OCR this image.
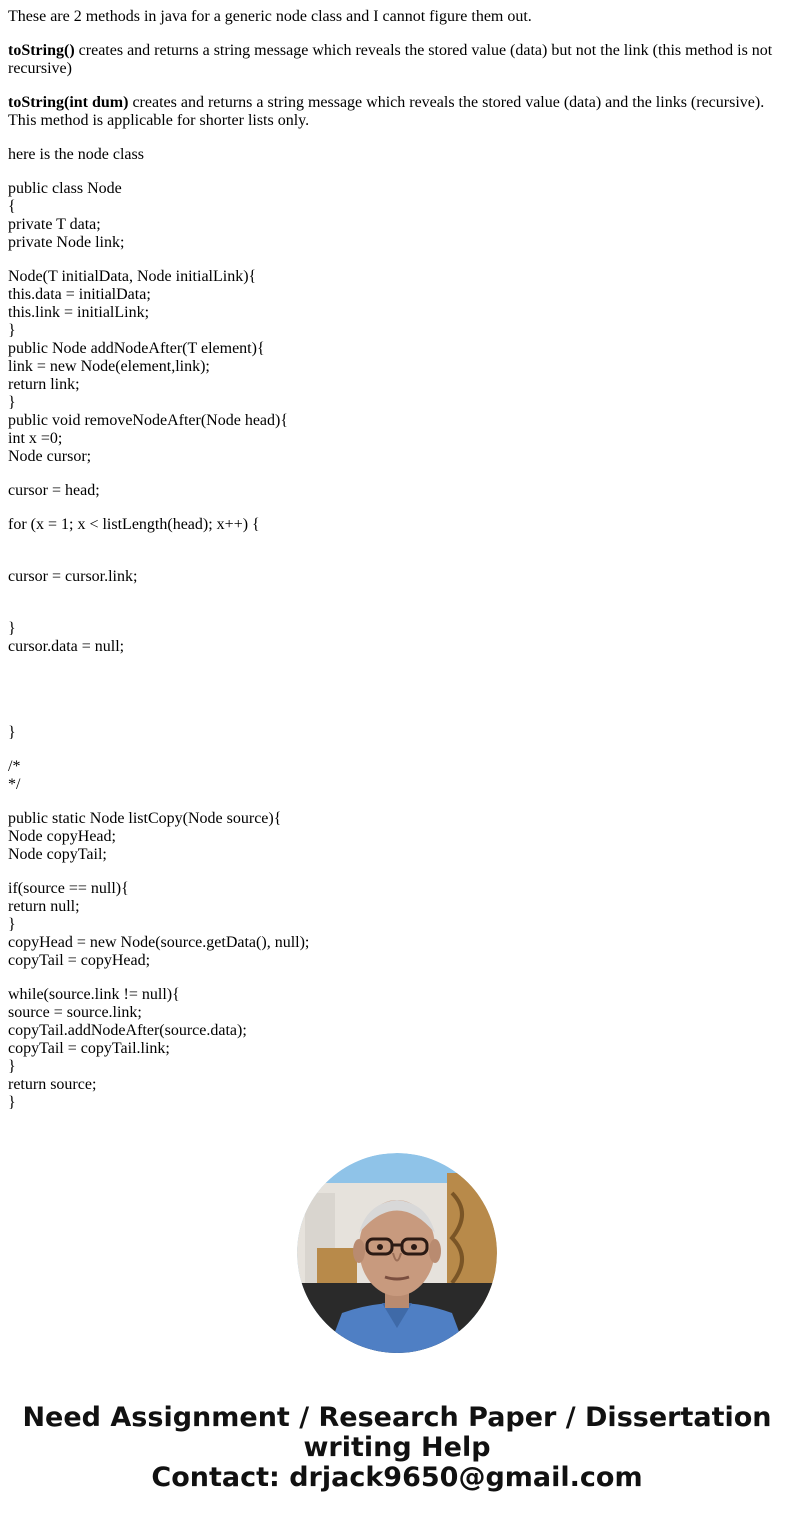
These are 2 methods in java for a generic node class and I cannot figure them out.

toString() creates and returns a string message which reveals the stored value (data) but not the link (this method is not recursive)

toString(int dum) creates and returns a string message which reveals the stored value (data) and the links (recursive). This method is applicable for shorter lists only.

here is the node class

public class Node
{
private T data;
private Node link;
Node(T initialData, Node initialLink){
this.data = initialData;
this.link = initialLink;
}
public Node addNodeAfter(T element){
link = new Node(element,link);
return link;
}
public void removeNodeAfter(Node head){
int x =0;
Node cursor;
cursor = head;
for (x = 1; x < listLength(head); x++) {
cursor = cursor.link;
}
cursor.data = null;
}
/*
*/
public static Node listCopy(Node source){
Node copyHead;
Node copyTail;
if(source == null){
return null;
}
copyHead = new Node(source.getData(), null);
copyTail = copyHead;
while(source.link != null){
source = source.link;
copyTail.addNodeAfter(source.data);
copyTail = copyTail.link;
}
return source;
}
Need Assignment / Research Paper / Dissertation
writing Help
Contact: drjack9650@gmail.com
